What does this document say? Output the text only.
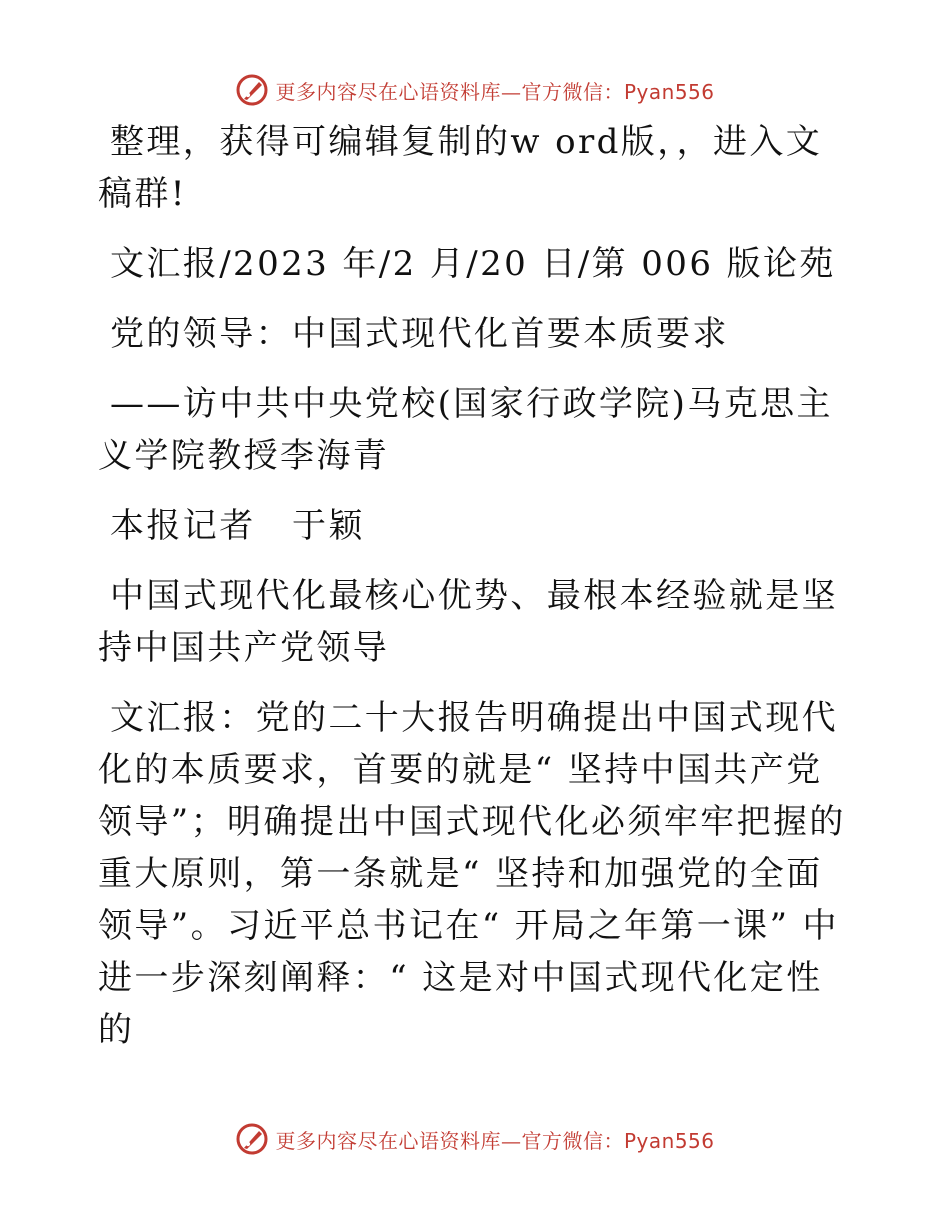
更多内容尽在心语资料库—官方微信：Pyan556

整理，获得可编辑复制的w ord版，，进入文稿群!

文汇报/2023 年/2 月/20 日/第 006 版论苑

党的领导：中国式现代化首要本质要求

——访中共中央党校(国家行政学院)马克思主义学院教授李海青

本报记者　于颖

中国式现代化最核心优势、最根本经验就是坚持中国共产党领导

文汇报：党的二十大报告明确提出中国式现代化的本质要求，首要的就是“ 坚持中国共产党领导”；明确提出中国式现代化必须牢牢把握的重大原则，第一条就是“ 坚持和加强党的全面领导”。习近平总书记在“ 开局之年第一课” 中进一步深刻阐释：“ 这是对中国式现代化定性的

更多内容尽在心语资料库—官方微信：Pyan556
